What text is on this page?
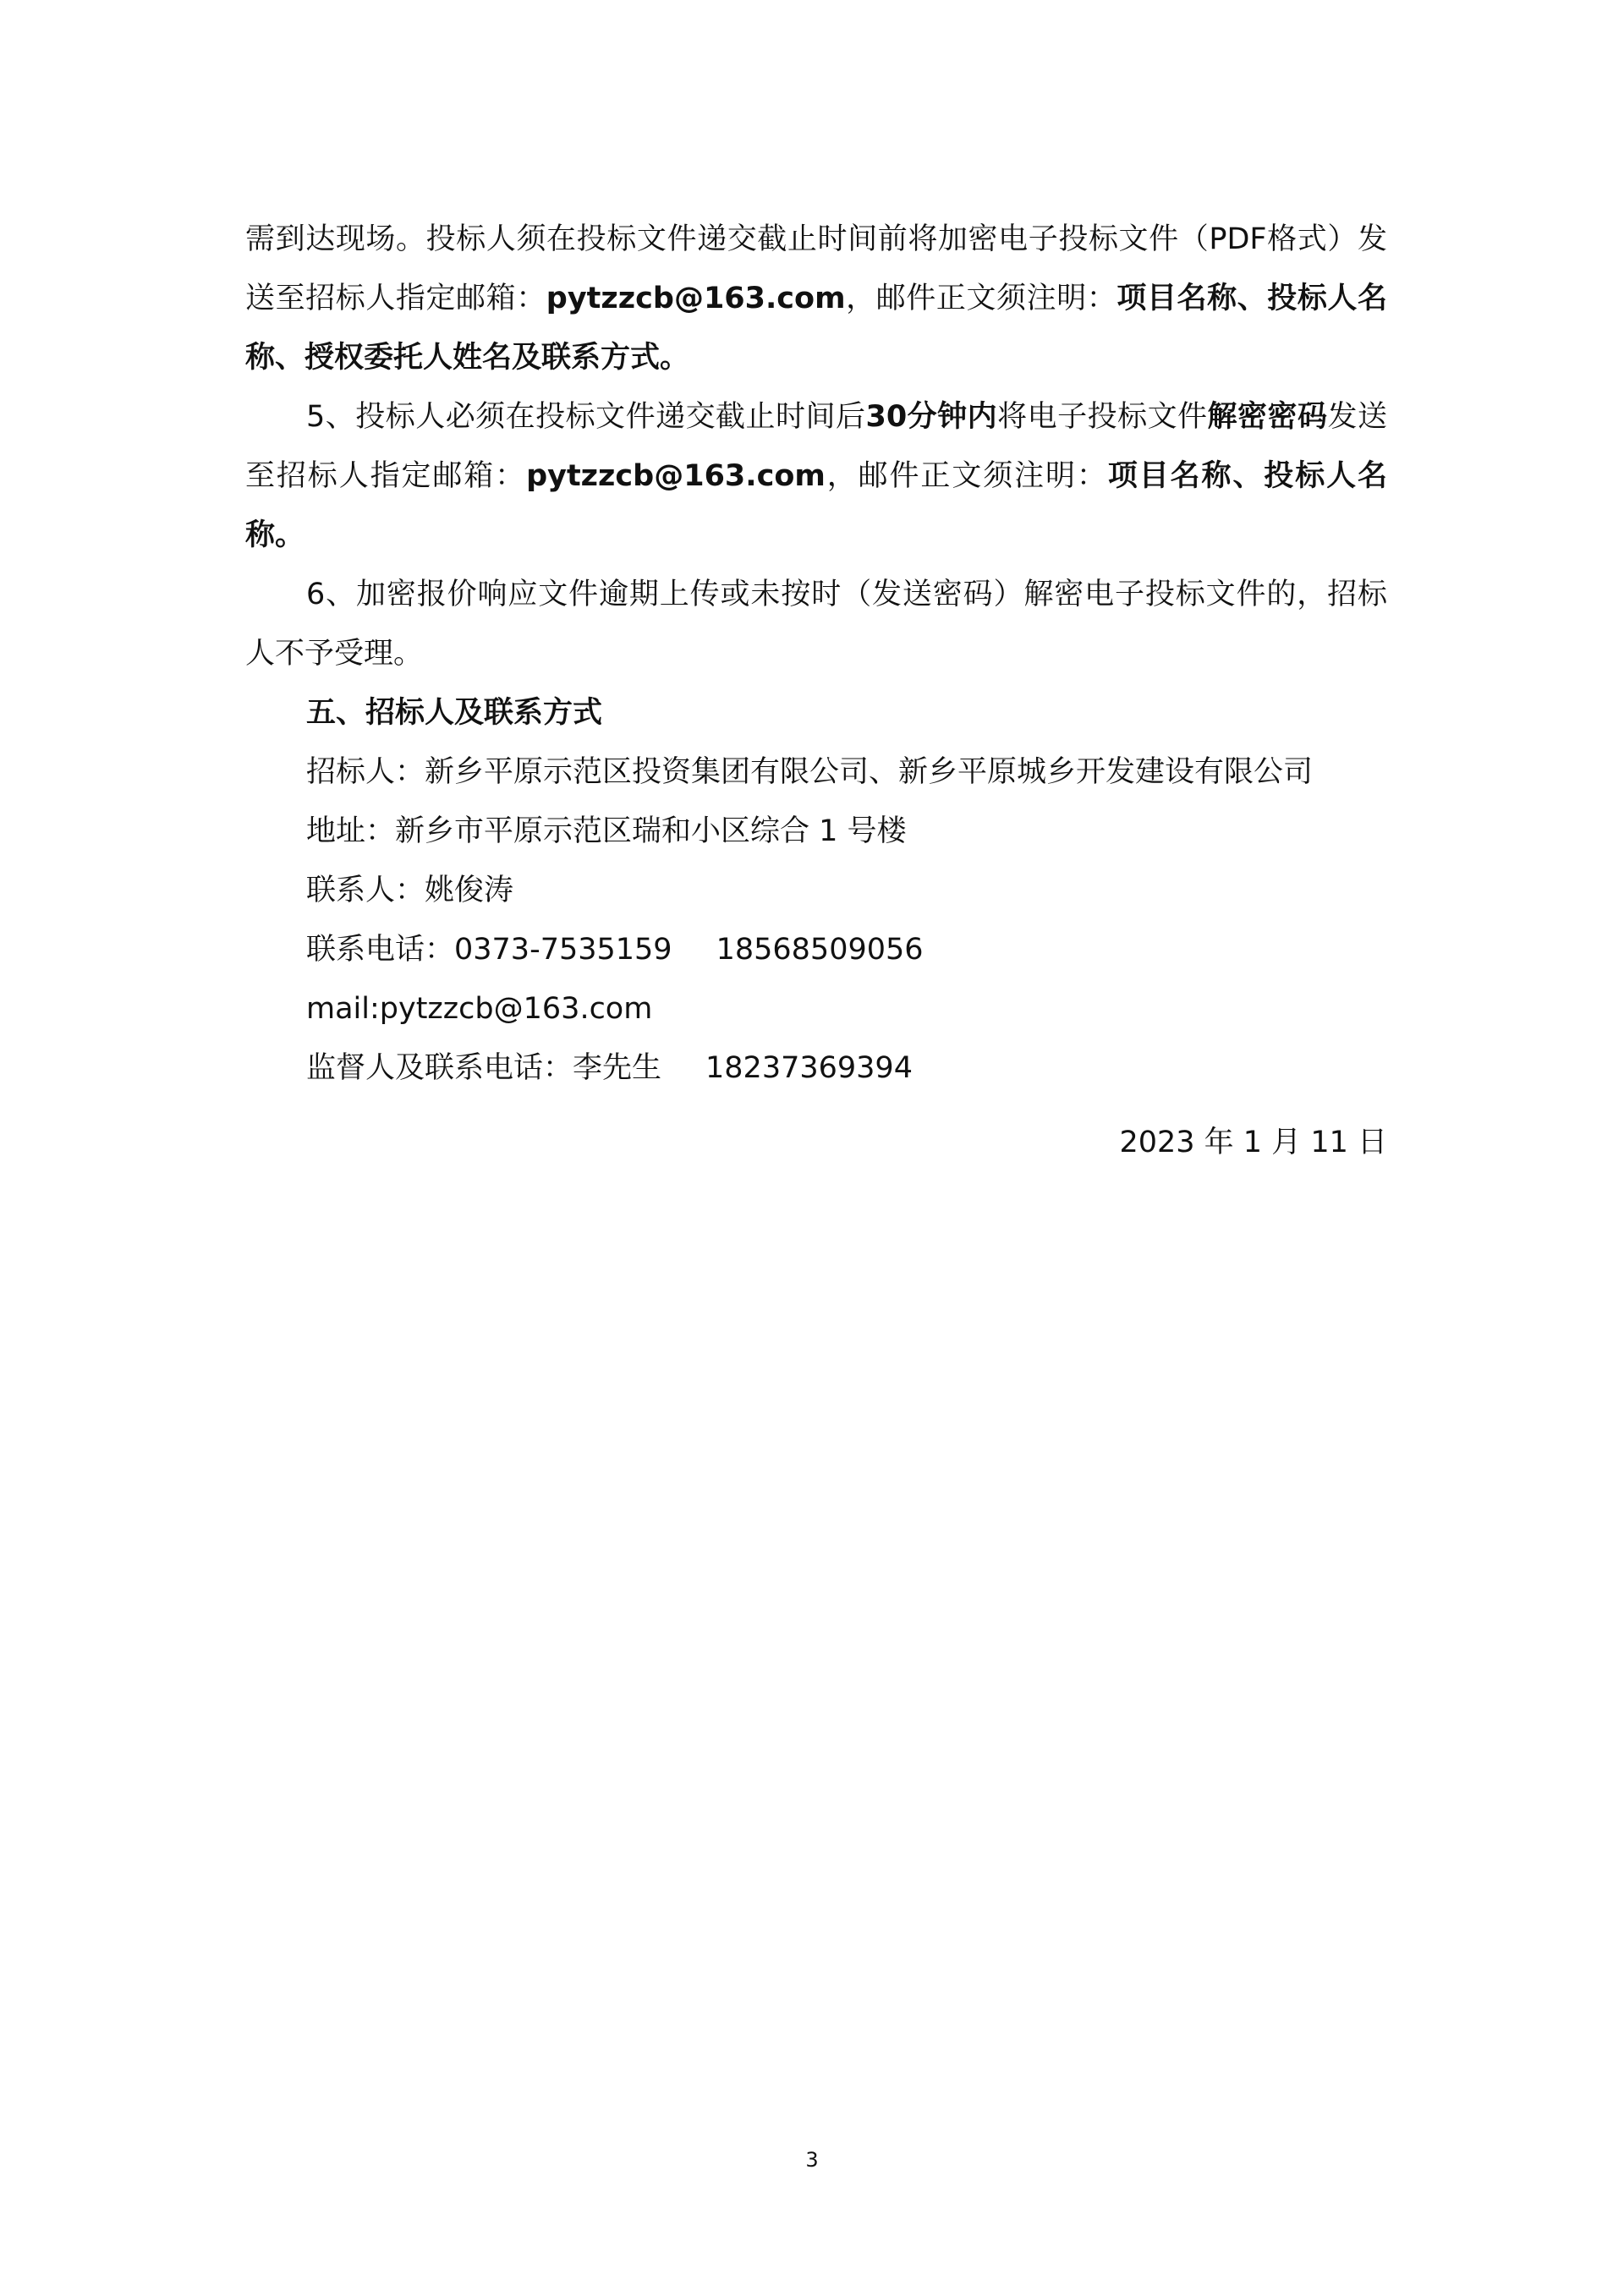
需到达现场。投标人须在投标文件递交截止时间前将加密电子投标文件（PDF格式）发送至招标人指定邮箱：pytzzcb@163.com，邮件正文须注明：项目名称、投标人名称、授权委托人姓名及联系方式。

5、投标人必须在投标文件递交截止时间后30分钟内将电子投标文件解密密码发送至招标人指定邮箱：pytzzcb@163.com，邮件正文须注明：项目名称、投标人名称。

6、加密报价响应文件逾期上传或未按时（发送密码）解密电子投标文件的，招标人不予受理。

五、招标人及联系方式

招标人：新乡平原示范区投资集团有限公司、新乡平原城乡开发建设有限公司

地址：新乡市平原示范区瑞和小区综合 1 号楼

联系人：姚俊涛

联系电话：0373-7535159 18568509056

mail:pytzzcb@163.com

监督人及联系电话：李先生 18237369394

2023 年 1 月 11 日
3
